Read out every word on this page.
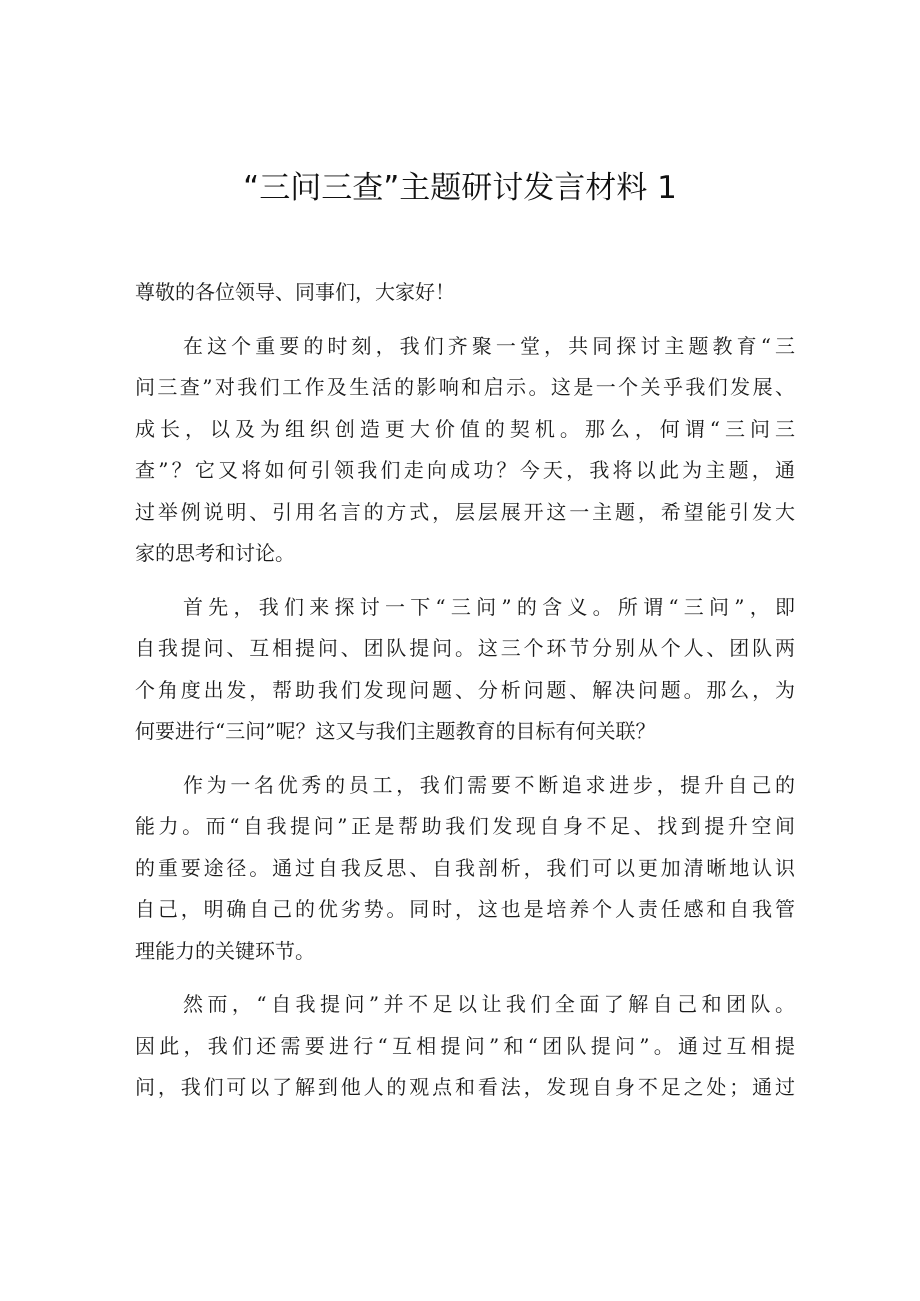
“三问三查”主题研讨发言材料 1
尊敬的各位领导、同事们，大家好！
在这个重要的时刻，我们齐聚一堂，共同探讨主题教育“三
问三查”对我们工作及生活的影响和启示。这是一个关乎我们发展、
成长，以及为组织创造更大价值的契机。那么，何谓“三问三
查”？它又将如何引领我们走向成功？今天，我将以此为主题，通
过举例说明、引用名言的方式，层层展开这一主题，希望能引发大
家的思考和讨论。
首先，我们来探讨一下“三问”的含义。所谓“三问”，即
自我提问、互相提问、团队提问。这三个环节分别从个人、团队两
个角度出发，帮助我们发现问题、分析问题、解决问题。那么，为
何要进行“三问”呢？这又与我们主题教育的目标有何关联？
作为一名优秀的员工，我们需要不断追求进步，提升自己的
能力。而“自我提问”正是帮助我们发现自身不足、找到提升空间
的重要途径。通过自我反思、自我剖析，我们可以更加清晰地认识
自己，明确自己的优劣势。同时，这也是培养个人责任感和自我管
理能力的关键环节。
然而，“自我提问”并不足以让我们全面了解自己和团队。
因此，我们还需要进行“互相提问”和“团队提问”。通过互相提
问，我们可以了解到他人的观点和看法，发现自身不足之处；通过
